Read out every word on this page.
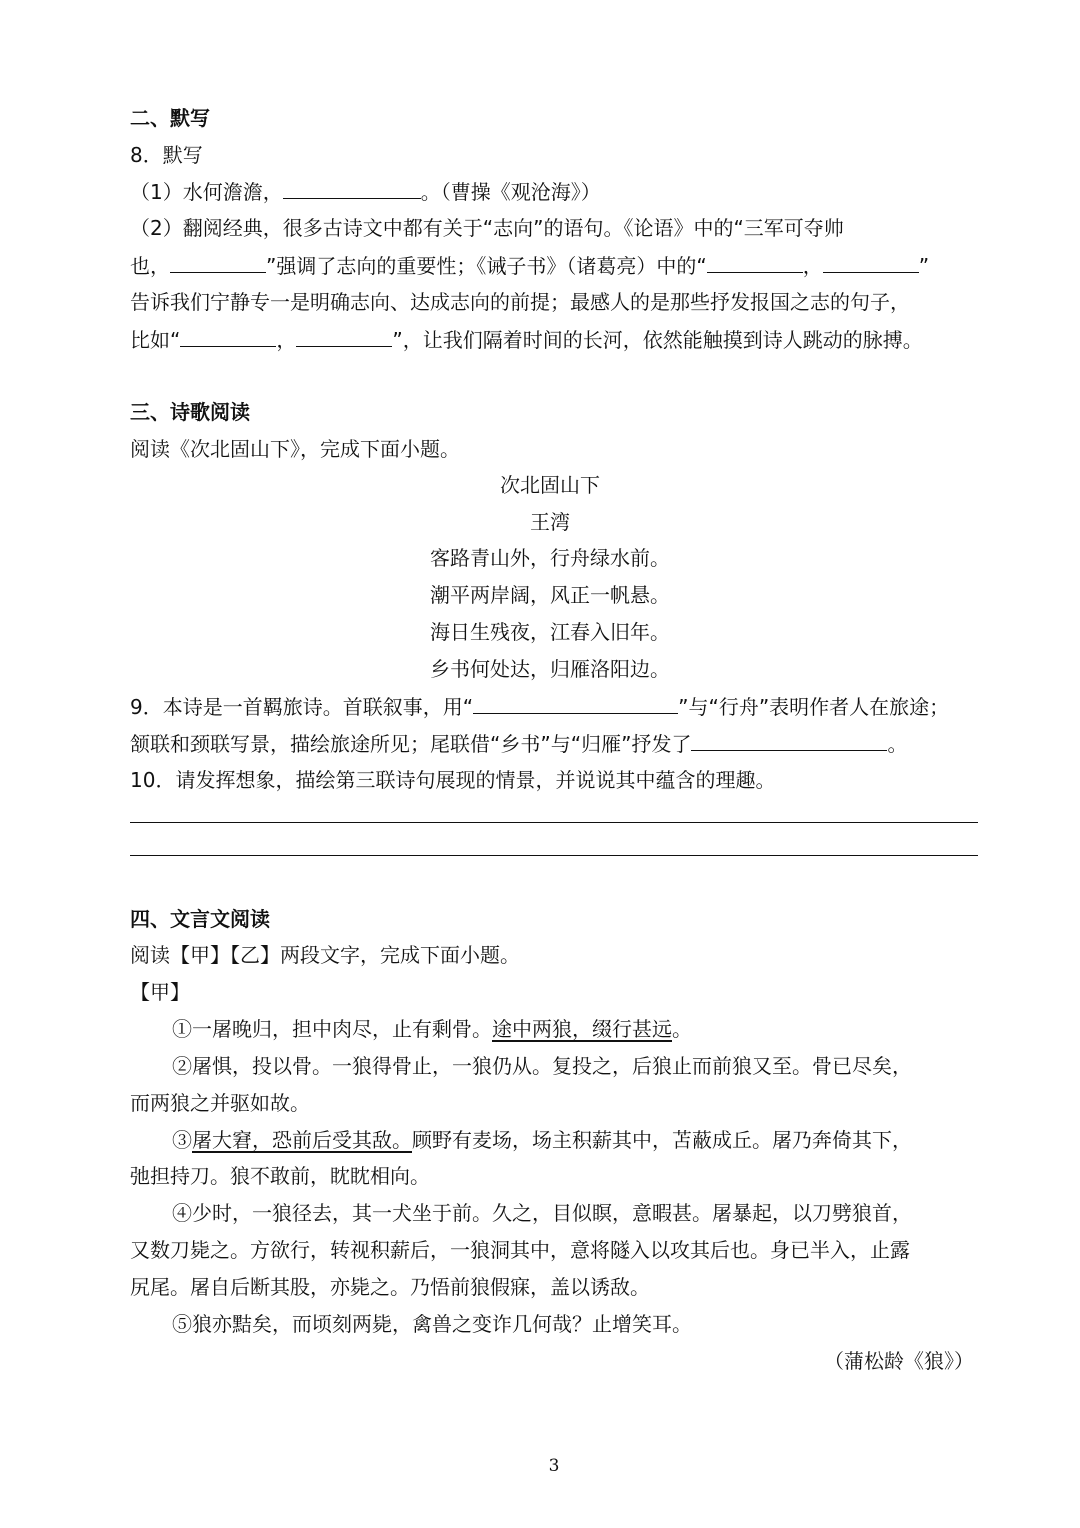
二、默写
8．默写
（1）水何澹澹，	。（曹操《观沧海》）
（2）翻阅经典，很多古诗文中都有关于“志向”的语句。《论语》中的“三军可夺帅
也，	”强调了志向的重要性；《诫子书》（诸葛亮）中的“	，	”
告诉我们宁静专一是明确志向、达成志向的前提；最感人的是那些抒发报国之志的句子，
比如“	，	”，让我们隔着时间的长河，依然能触摸到诗人跳动的脉搏。
三、诗歌阅读
阅读《次北固山下》，完成下面小题。
次北固山下
王湾
客路青山外，行舟绿水前。
潮平两岸阔，风正一帆悬。
海日生残夜，江春入旧年。
乡书何处达，归雁洛阳边。
9．本诗是一首羁旅诗。首联叙事，用“	”与“行舟”表明作者人在旅途；
颔联和颈联写景，描绘旅途所见；尾联借“乡书”与“归雁”抒发了	。
10．请发挥想象，描绘第三联诗句展现的情景，并说说其中蕴含的理趣。
四、文言文阅读
阅读【甲】【乙】两段文字，完成下面小题。
【甲】
①一屠晚归，担中肉尽，止有剩骨。途中两狼，缀行甚远。
②屠惧，投以骨。一狼得骨止，一狼仍从。复投之，后狼止而前狼又至。骨已尽矣，
而两狼之并驱如故。
③屠大窘，恐前后受其敌。顾野有麦场，场主积薪其中，苫蔽成丘。屠乃奔倚其下，
弛担持刀。狼不敢前，眈眈相向。
④少时，一狼径去，其一犬坐于前。久之，目似瞑，意暇甚。屠暴起，以刀劈狼首，
又数刀毙之。方欲行，转视积薪后，一狼洞其中，意将隧入以攻其后也。身已半入，止露
尻尾。屠自后断其股，亦毙之。乃悟前狼假寐，盖以诱敌。
⑤狼亦黠矣，而顷刻两毙，禽兽之变诈几何哉？止增笑耳。
（蒲松龄《狼》）
3
